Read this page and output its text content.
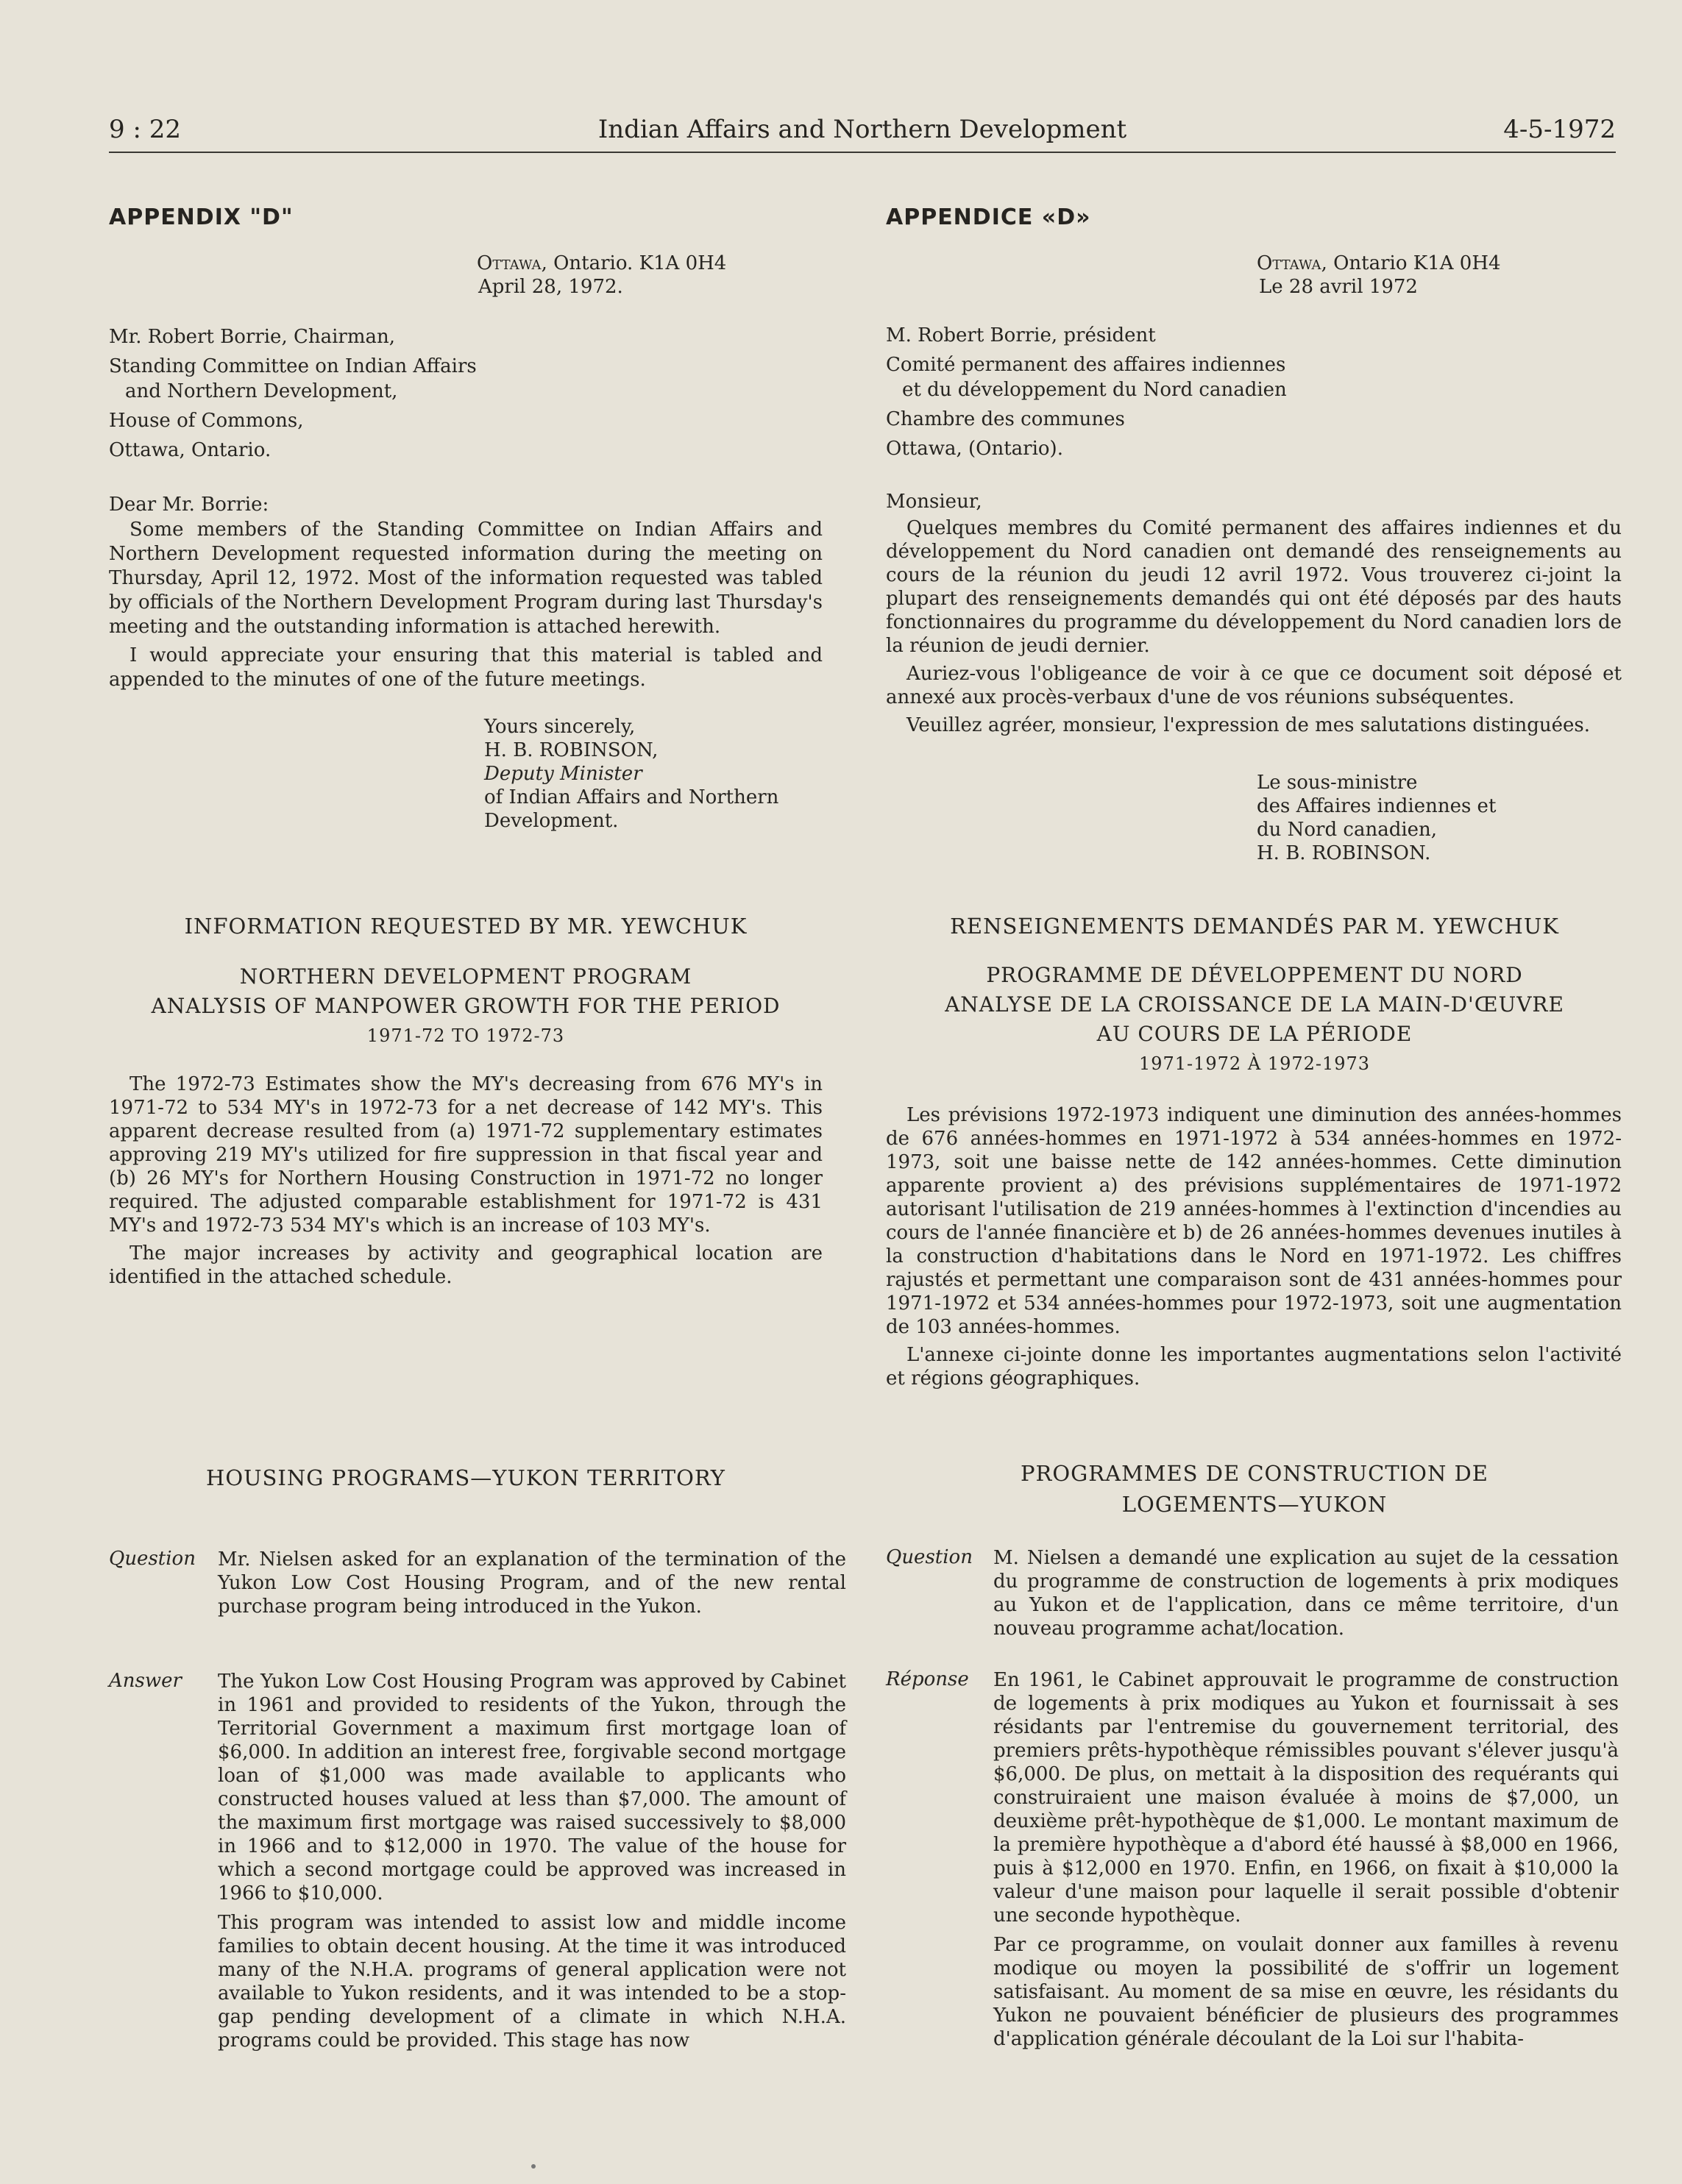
9 : 22	Indian Affairs and Northern Development	4-5-1972
APPENDIX "D"
Ottawa, Ontario. K1A 0H4
April 28, 1972.
Mr. Robert Borrie, Chairman,
Standing Committee on Indian Affairs
and Northern Development,
House of Commons,
Ottawa, Ontario.
Dear Mr. Borrie:

Some members of the Standing Committee on Indian Affairs and Northern Development requested information during the meeting on Thursday, April 12, 1972. Most of the information requested was tabled by officials of the Northern Development Program during last Thursday's meeting and the outstanding information is attached herewith.

I would appreciate your ensuring that this material is tabled and appended to the minutes of one of the future meetings.

Yours sincerely,
H. B. ROBINSON,
Deputy Minister
of Indian Affairs and Northern
Development.
INFORMATION REQUESTED BY MR. YEWCHUK
NORTHERN DEVELOPMENT PROGRAM
ANALYSIS OF MANPOWER GROWTH FOR THE PERIOD
1971-72 TO 1972-73

The 1972-73 Estimates show the MY's decreasing from 676 MY's in 1971-72 to 534 MY's in 1972-73 for a net decrease of 142 MY's. This apparent decrease resulted from (a) 1971-72 supplementary estimates approving 219 MY's utilized for fire suppression in that fiscal year and (b) 26 MY's for Northern Housing Construction in 1971-72 no longer required. The adjusted comparable establishment for 1971-72 is 431 MY's and 1972-73 534 MY's which is an increase of 103 MY's.

The major increases by activity and geographical location are identified in the attached schedule.

HOUSING PROGRAMS—YUKON TERRITORY
Question Mr. Nielsen asked for an explanation of the termination of the Yukon Low Cost Housing Program, and of the new rental purchase program being introduced in the Yukon.
Answer The Yukon Low Cost Housing Program was approved by Cabinet in 1961 and provided to residents of the Yukon, through the Territorial Government a maximum first mortgage loan of $6,000. In addition an interest free, forgivable second mortgage loan of $1,000 was made available to applicants who constructed houses valued at less than $7,000. The amount of the maximum first mortgage was raised successively to $8,000 in 1966 and to $12,000 in 1970. The value of the house for which a second mortgage could be approved was increased in 1966 to $10,000.

This program was intended to assist low and middle income families to obtain decent housing. At the time it was introduced many of the N.H.A. programs of general application were not available to Yukon residents, and it was intended to be a stop-gap pending development of a climate in which N.H.A. programs could be provided. This stage has now

APPENDICE «D»
Ottawa, Ontario K1A 0H4
Le 28 avril 1972
M. Robert Borrie, président
Comité permanent des affaires indiennes
et du développement du Nord canadien
Chambre des communes
Ottawa, (Ontario).
Monsieur,

Quelques membres du Comité permanent des affaires indiennes et du développement du Nord canadien ont demandé des renseignements au cours de la réunion du jeudi 12 avril 1972. Vous trouverez ci-joint la plupart des renseignements demandés qui ont été déposés par des hauts fonctionnaires du programme du développement du Nord canadien lors de la réunion de jeudi dernier.

Auriez-vous l'obligeance de voir à ce que ce document soit déposé et annexé aux procès-verbaux d'une de vos réunions subséquentes.

Veuillez agréer, monsieur, l'expression de mes salutations distinguées.

Le sous-ministre
des Affaires indiennes et
du Nord canadien,
H. B. ROBINSON.
RENSEIGNEMENTS DEMANDÉS PAR M. YEWCHUK
PROGRAMME DE DÉVELOPPEMENT DU NORD
ANALYSE DE LA CROISSANCE DE LA MAIN-D'ŒUVRE
AU COURS DE LA PÉRIODE
1971-1972 À 1972-1973

Les prévisions 1972-1973 indiquent une diminution des années-hommes de 676 années-hommes en 1971-1972 à 534 années-hommes en 1972-1973, soit une baisse nette de 142 années-hommes. Cette diminution apparente provient a) des prévisions supplémentaires de 1971-1972 autorisant l'utilisation de 219 années-hommes à l'extinction d'incendies au cours de l'année financière et b) de 26 années-hommes devenues inutiles à la construction d'habitations dans le Nord en 1971-1972. Les chiffres rajustés et permettant une comparaison sont de 431 années-hommes pour 1971-1972 et 534 années-hommes pour 1972-1973, soit une augmentation de 103 années-hommes.

L'annexe ci-jointe donne les importantes augmentations selon l'activité et régions géographiques.

PROGRAMMES DE CONSTRUCTION DE
LOGEMENTS—YUKON
Question M. Nielsen a demandé une explication au sujet de la cessation du programme de construction de logements à prix modiques au Yukon et de l'application, dans ce même territoire, d'un nouveau programme achat/location.
Réponse En 1961, le Cabinet approuvait le programme de construction de logements à prix modiques au Yukon et fournissait à ses résidants par l'entremise du gouvernement territorial, des premiers prêts-hypothèque rémissibles pouvant s'élever jusqu'à $6,000. De plus, on mettait à la disposition des requérants qui construiraient une maison évaluée à moins de $7,000, un deuxième prêt-hypothèque de $1,000. Le montant maximum de la première hypothèque a d'abord été haussé à $8,000 en 1966, puis à $12,000 en 1970. Enfin, en 1966, on fixait à $10,000 la valeur d'une maison pour laquelle il serait possible d'obtenir une seconde hypothèque.

Par ce programme, on voulait donner aux familles à revenu modique ou moyen la possibilité de s'offrir un logement satisfaisant. Au moment de sa mise en œuvre, les résidants du Yukon ne pouvaient bénéficier de plusieurs des programmes d'application générale découlant de la Loi sur l'habita-
